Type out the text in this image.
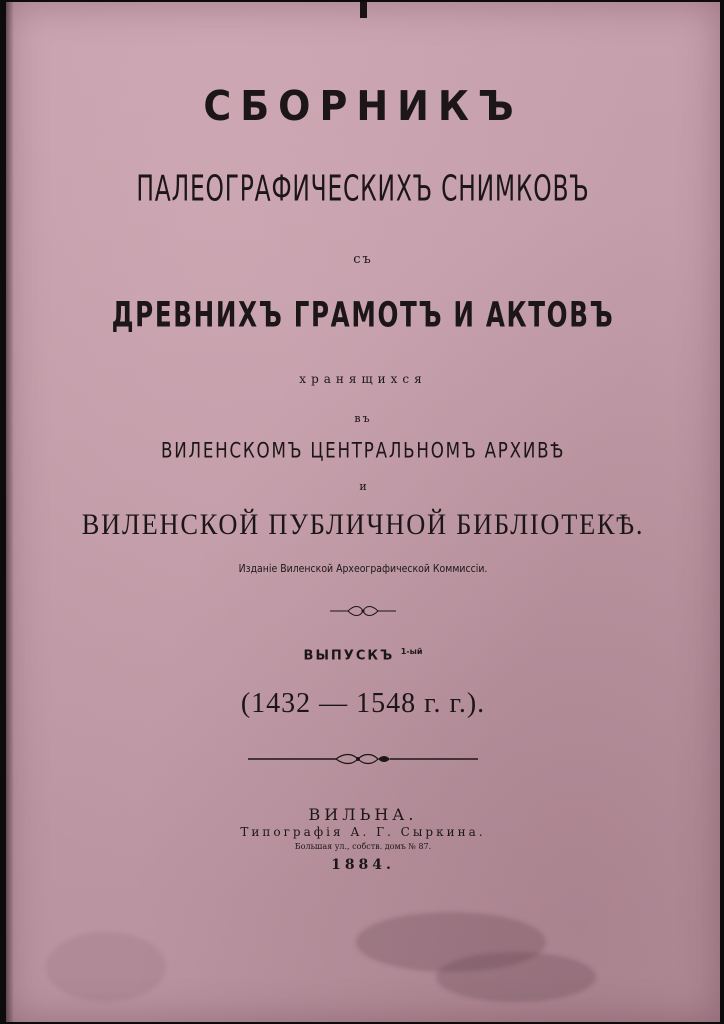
СБОРНИКЪ
ПАЛЕОГРАФИЧЕСКИХЪ СНИМКОВЪ
съ
ДРЕВНИХЪ ГРАМОТЪ И АКТОВЪ
хранящихся
въ
ВИЛЕНСКОМЪ ЦЕНТРАЛЬНОМЪ АРХИВѢ
и
ВИЛЕНСКОЙ ПУБЛИЧНОЙ БИБЛІОТЕКѢ.
Изданіе Виленской Археографической Коммиссіи.
ВЫПУСКЪ $^{1-ый}$
(1432 — 1548 г. г.).
ВИЛЬНА.
Типографія А. Г. Сыркина.
Большая ул., собств. домъ № 87.
1884.
